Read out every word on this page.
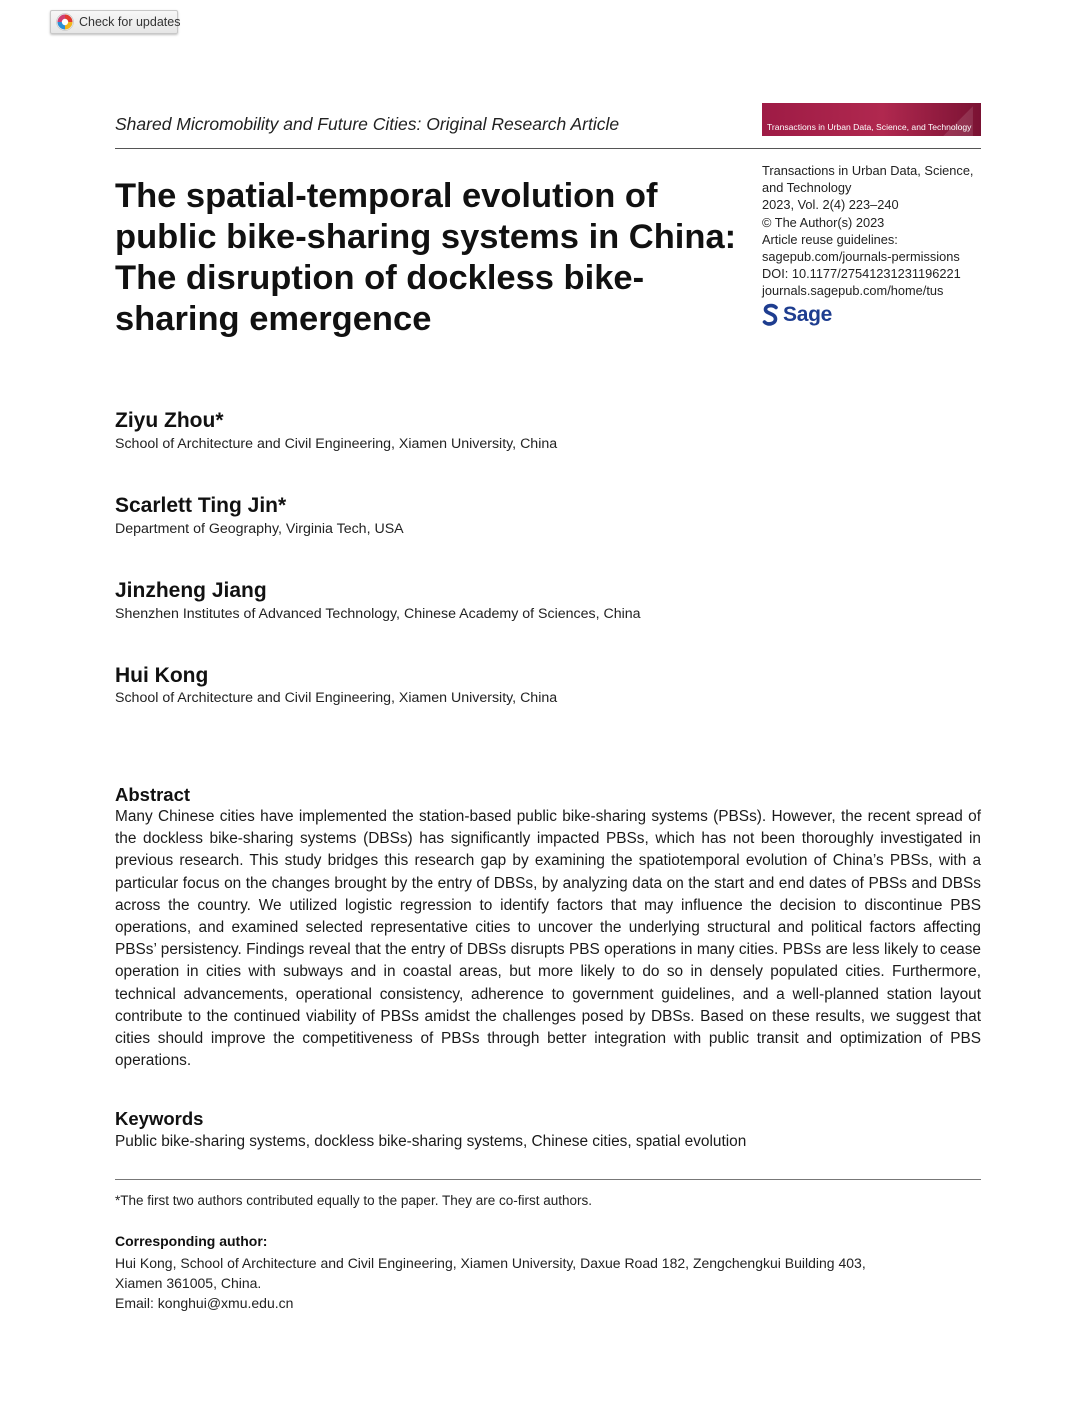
Check for updates
Shared Micromobility and Future Cities: Original Research Article	◢
Transactions in Urban Data, Science, and Technology
The spatial-temporal evolution of public bike-sharing systems in China: The disruption of dockless bike-sharing emergence
Transactions in Urban Data, Science, and Technology
2023, Vol. 2(4) 223–240
© The Author(s) 2023
Article reuse guidelines:
sagepub.com/journals-permissions
DOI: 10.1177/27541231231196221
journals.sagepub.com/home/tus
Sage
Ziyu Zhou*
School of Architecture and Civil Engineering, Xiamen University, China
Scarlett Ting Jin*
Department of Geography, Virginia Tech, USA
Jinzheng Jiang
Shenzhen Institutes of Advanced Technology, Chinese Academy of Sciences, China
Hui Kong
School of Architecture and Civil Engineering, Xiamen University, China
Abstract

Many Chinese cities have implemented the station-based public bike-sharing systems (PBSs). However, the recent spread of the dockless bike-sharing systems (DBSs) has significantly impacted PBSs, which has not been thoroughly investigated in previous research. This study bridges this research gap by examining the spatiotemporal evolution of China’s PBSs, with a particular focus on the changes brought by the entry of DBSs, by analyzing data on the start and end dates of PBSs and DBSs across the country. We utilized logistic regression to identify factors that may influence the decision to discontinue PBS operations, and examined selected representative cities to uncover the underlying structural and political factors affecting PBSs’ persistency. Findings reveal that the entry of DBSs disrupts PBS operations in many cities. PBSs are less likely to cease operation in cities with subways and in coastal areas, but more likely to do so in densely populated cities. Furthermore, technical advancements, operational consistency, adherence to government guidelines, and a well-planned station layout contribute to the continued viability of PBSs amidst the challenges posed by DBSs. Based on these results, we suggest that cities should improve the competitiveness of PBSs through better integration with public transit and optimization of PBS operations.

Keywords
Public bike-sharing systems, dockless bike-sharing systems, Chinese cities, spatial evolution
*The first two authors contributed equally to the paper. They are co-first authors.
Corresponding author:
Hui Kong, School of Architecture and Civil Engineering, Xiamen University, Daxue Road 182, Zengchengkui Building 403,
Xiamen 361005, China.
Email: konghui@xmu.edu.cn
